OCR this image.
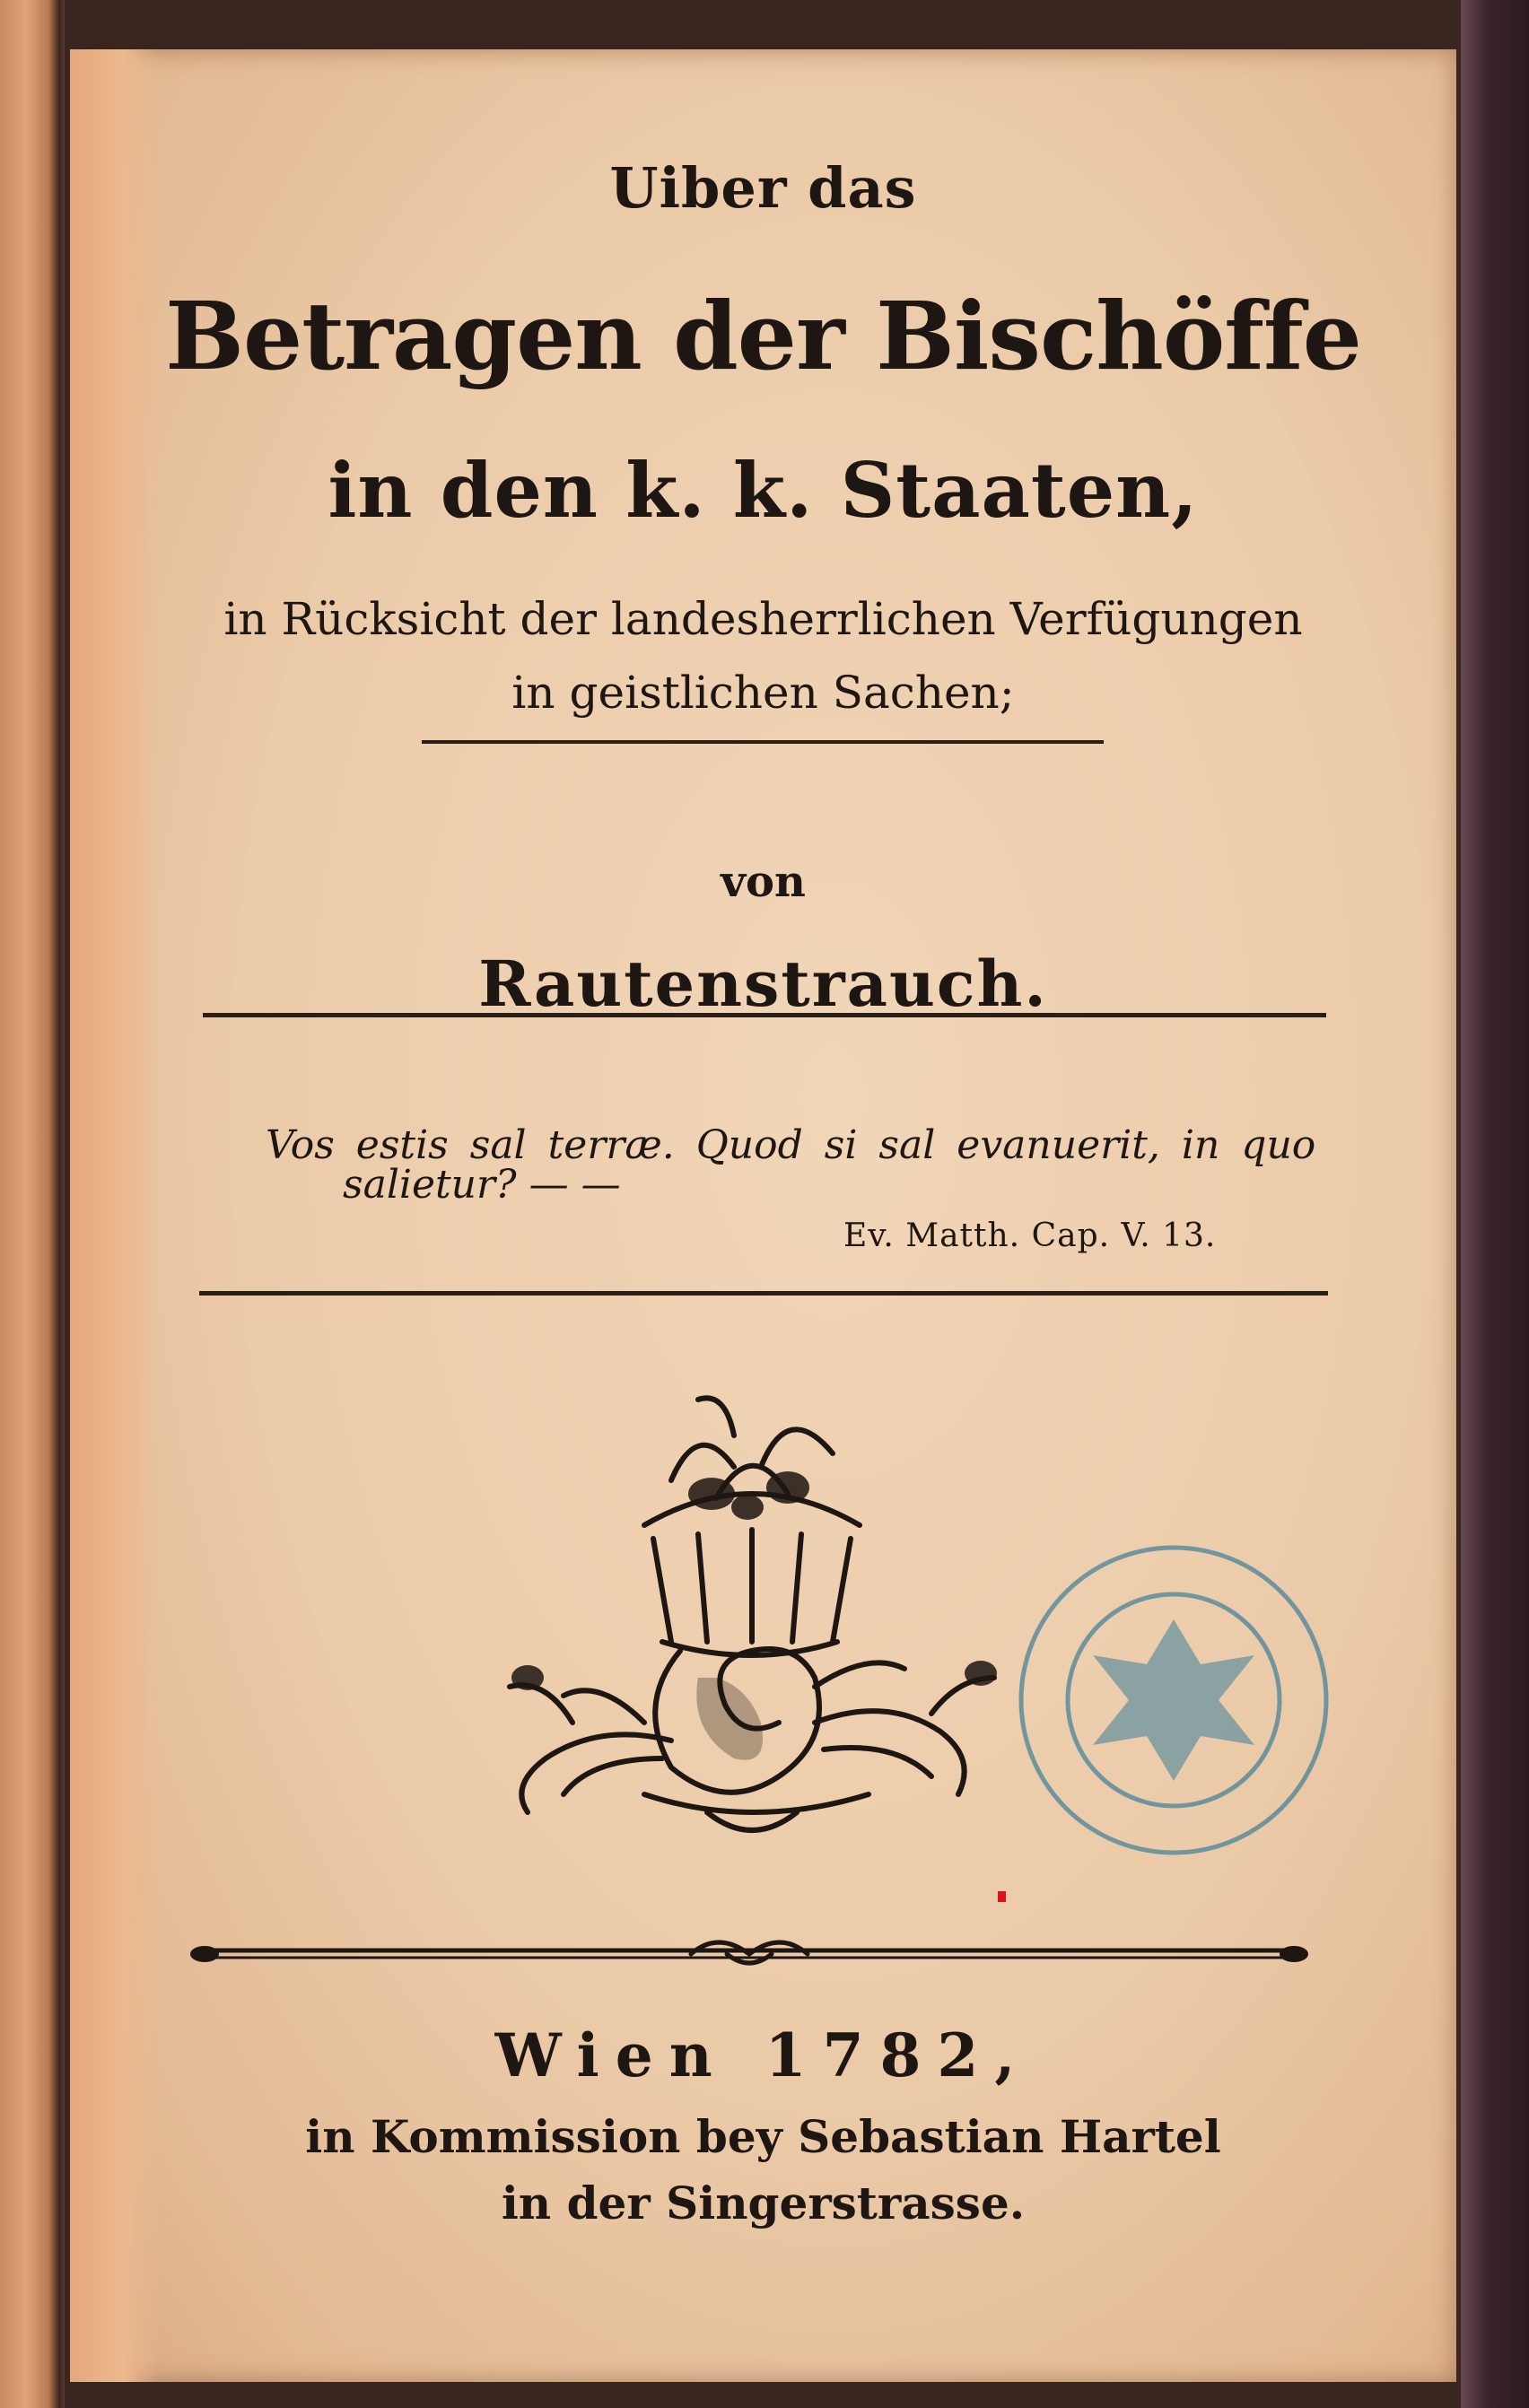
Uiber das
Betragen der Bischöffe
in den k. k. Staaten,
in Rücksicht der landesherrlichen Verfügungen
in geistlichen Sachen;
von
Rautenstrauch.
Vos estis sal terræ. Quod si sal evanuerit, in quo
salietur? — —
Ev. Matth. Cap. V. 13.
Wien 1782,
in Kommission bey Sebastian Hartel
in der Singerstrasse.
